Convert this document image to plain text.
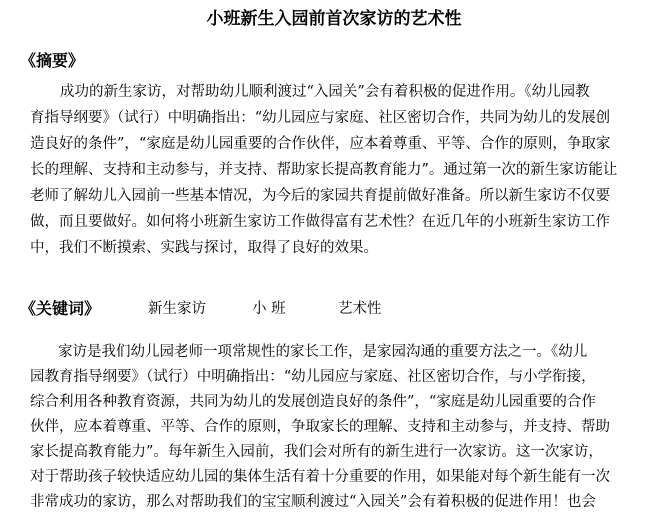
小班新生入园前首次家访的艺术性
《摘要》
成功的新生家访，对帮助幼儿顺利渡过“入园关”会有着积极的促进作用。《幼儿园教
育指导纲要》（试行）中明确指出：“幼儿园应与家庭、社区密切合作，共同为幼儿的发展创
造良好的条件”，“家庭是幼儿园重要的合作伙伴，应本着尊重、平等、合作的原则，争取家
长的理解、支持和主动参与，并支持、帮助家长提高教育能力”。通过第一次的新生家访能让
老师了解幼儿入园前一些基本情况，为今后的家园共育提前做好准备。所以新生家访不仅要
做，而且要做好。如何将小班新生家访工作做得富有艺术性？在近几年的小班新生家访工作
中，我们不断摸索、实践与探讨，取得了良好的效果。
《关键词》	新生家访	小 班	艺术性
家访是我们幼儿园老师一项常规性的家长工作，是家园沟通的重要方法之一。《幼儿
园教育指导纲要》（试行）中明确指出：“幼儿园应与家庭、社区密切合作，与小学衔接，
综合利用各种教育资源，共同为幼儿的发展创造良好的条件”，“家庭是幼儿园重要的合作
伙伴，应本着尊重、平等、合作的原则，争取家长的理解、支持和主动参与，并支持、帮助
家长提高教育能力”。每年新生入园前，我们会对所有的新生进行一次家访。这一次家访，
对于帮助孩子较快适应幼儿园的集体生活有着十分重要的作用，如果能对每个新生能有一次
非常成功的家访，那么对帮助我们的宝宝顺利渡过“入园关”会有着积极的促进作用！也会
